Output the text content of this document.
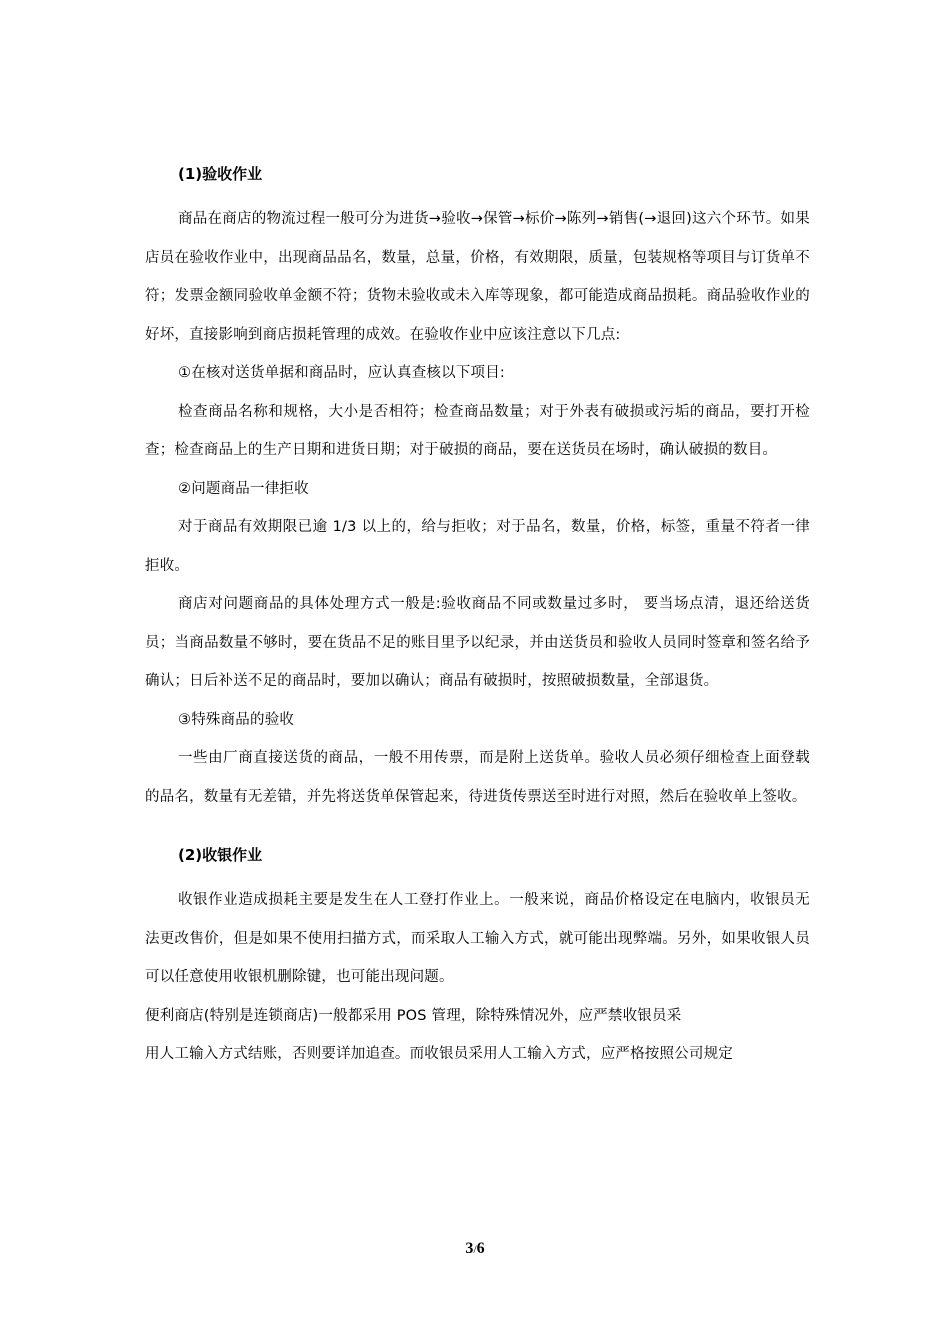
(1)验收作业

商品在商店的物流过程一般可分为进货→验收→保管→标价→陈列→销售(→退回)这六个环节。如果店员在验收作业中，出现商品品名，数量，总量，价格，有效期限，质量，包装规格等项目与订货单不符；发票金额同验收单金额不符；货物未验收或未入库等现象，都可能造成商品损耗。商品验收作业的好坏，直接影响到商店损耗管理的成效。在验收作业中应该注意以下几点:

①在核对送货单据和商品时，应认真查核以下项目:

检查商品名称和规格，大小是否相符；检查商品数量；对于外表有破损或污垢的商品，要打开检查；检查商品上的生产日期和进货日期；对于破损的商品，要在送货员在场时，确认破损的数目。

②问题商品一律拒收

对于商品有效期限已逾 1/3 以上的，给与拒收；对于品名，数量，价格，标签，重量不符者一律拒收。

商店对问题商品的具体处理方式一般是:验收商品不同或数量过多时， 要当场点清，退还给送货员；当商品数量不够时，要在货品不足的账目里予以纪录，并由送货员和验收人员同时签章和签名给予确认；日后补送不足的商品时，要加以确认；商品有破损时，按照破损数量，全部退货。

③特殊商品的验收

一些由厂商直接送货的商品，一般不用传票，而是附上送货单。验收人员必须仔细检查上面登载的品名，数量有无差错，并先将送货单保管起来，待进货传票送至时进行对照，然后在验收单上签收。

(2)收银作业

收银作业造成损耗主要是发生在人工登打作业上。一般来说，商品价格设定在电脑内，收银员无法更改售价，但是如果不使用扫描方式，而采取人工输入方式，就可能出现弊端。另外，如果收银人员可以任意使用收银机删除键，也可能出现问题。

便利商店(特别是连锁商店)一般都采用 POS 管理，除特殊情况外，应严禁收银员采

用人工输入方式结账，否则要详加追查。而收银员采用人工输入方式，应严格按照公司规定

3/6
